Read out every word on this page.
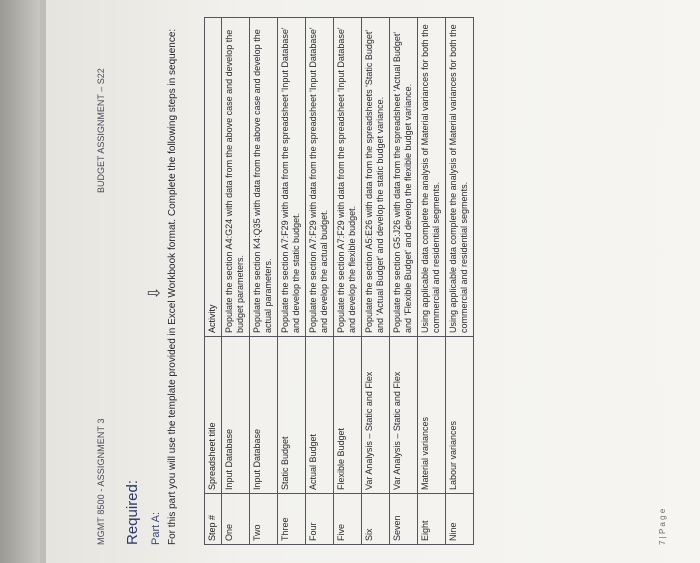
MGMT 8500 - ASSIGNMENT 3
BUDGET ASSIGNMENT – S22
Required: Part A: For this part you will use the template provided in Excel Workbook format. Complete the following steps in sequence:	Step #	Spreadsheet title	Activity
One	Input Database	Populate the section A4:G24 with data from the above case and develop the budget parameters.
Two	Input Database	Populate the section K4:Q35 with data from the above case and develop the actual parameters.
Three	Static Budget	Populate the section A7:F29 with data from the spreadsheet 'Input Database' and develop the static budget.
Four	Actual Budget	Populate the section A7:F29 with data from the spreadsheet 'Input Database' and develop the actual budget.
Five	Flexible Budget	Populate the section A7:F29 with data from the spreadsheet 'Input Database' and develop the flexible budget.
Six	Var Analysis – Static and Flex	Populate the section A5:E26 with data from the spreadsheets 'Static Budget' and 'Actual Budget' and develop the static budget variance.
Seven	Var Analysis – Static and Flex	Populate the section G5:J26 with data from the spreadsheet 'Actual Budget' and 'Flexible Budget' and develop the flexible budget variance.
Eight	Material variances	Using applicable data complete the analysis of Material variances for both the commercial and residential segments.
Nine	Labour variances	Using applicable data complete the analysis of Material variances for both the commercial and residential segments.
7 | P a g e
⇩
